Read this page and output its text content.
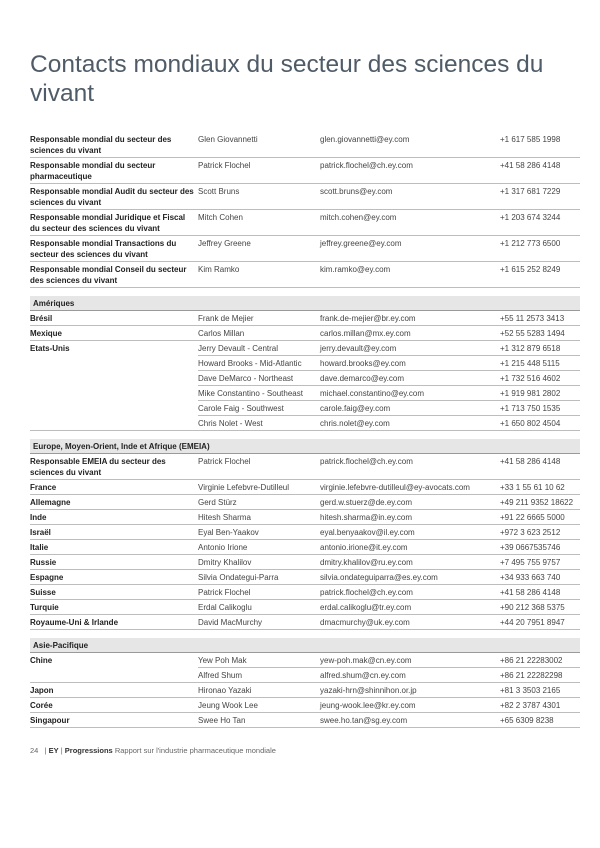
Contacts mondiaux du secteur des sciences du vivant
Responsable mondial du secteur des sciences du vivant	Glen Giovannetti	glen.giovannetti@ey.com	+1 617 585 1998
Responsable mondial du secteur pharmaceutique	Patrick Flochel	patrick.flochel@ch.ey.com	+41 58 286 4148
Responsable mondial Audit du secteur des sciences du vivant	Scott Bruns	scott.bruns@ey.com	+1 317 681 7229
Responsable mondial Juridique et Fiscal du secteur des sciences du vivant	Mitch Cohen	mitch.cohen@ey.com	+1 203 674 3244
Responsable mondial Transactions du secteur des sciences du vivant	Jeffrey Greene	jeffrey.greene@ey.com	+1 212 773 6500
Responsable mondial Conseil du secteur des sciences du vivant	Kim Ramko	kim.ramko@ey.com	+1 615 252 8249

Amériques			
Brésil	Frank de Mejier	frank.de-mejier@br.ey.com	+55 11 2573 3413
Mexique	Carlos Millan	carlos.millan@mx.ey.com	+52 55 5283 1494
Etats-Unis	Jerry Devault - Central	jerry.devault@ey.com	+1 312 879 6518
	Howard Brooks - Mid-Atlantic	howard.brooks@ey.com	+1 215 448 5115
	Dave DeMarco - Northeast	dave.demarco@ey.com	+1 732 516 4602
	Mike Constantino - Southeast	michael.constantino@ey.com	+1 919 981 2802
	Carole Faig - Southwest	carole.faig@ey.com	+1 713 750 1535
	Chris Nolet - West	chris.nolet@ey.com	+1 650 802 4504

Europe, Moyen-Orient, Inde et Afrique (EMEIA)			
Responsable EMEIA du secteur des sciences du vivant	Patrick Flochel	patrick.flochel@ch.ey.com	+41 58 286 4148
France	Virginie Lefebvre-Dutilleul	virginie.lefebvre-dutilleul@ey-avocats.com	+33 1 55 61 10 62
Allemagne	Gerd Stürz	gerd.w.stuerz@de.ey.com	+49 211 9352 18622
Inde	Hitesh Sharma	hitesh.sharma@in.ey.com	+91 22 6665 5000
Israël	Eyal Ben-Yaakov	eyal.benyaakov@il.ey.com	+972 3 623 2512
Italie	Antonio Irione	antonio.irione@it.ey.com	+39 0667535746
Russie	Dmitry Khalilov	dmitry.khalilov@ru.ey.com	+7 495 755 9757
Espagne	Silvia Ondategui-Parra	silvia.ondateguiparra@es.ey.com	+34 933 663 740
Suisse	Patrick Flochel	patrick.flochel@ch.ey.com	+41 58 286 4148
Turquie	Erdal Calikoglu	erdal.calikoglu@tr.ey.com	+90 212 368 5375
Royaume-Uni & Irlande	David MacMurchy	dmacmurchy@uk.ey.com	+44 20 7951 8947

Asie-Pacifique			
Chine	Yew Poh Mak	yew-poh.mak@cn.ey.com	+86 21 22283002
	Alfred Shum	alfred.shum@cn.ey.com	+86 21 22282298
Japon	Hironao Yazaki	yazaki-hrn@shinnihon.or.jp	+81 3 3503 2165
Corée	Jeung Wook Lee	jeung-wook.lee@kr.ey.com	+82 2 3787 4301
Singapour	Swee Ho Tan	swee.ho.tan@sg.ey.com	+65 6309 8238
24   | EY | Progressions Rapport sur l'industrie pharmaceutique mondiale
